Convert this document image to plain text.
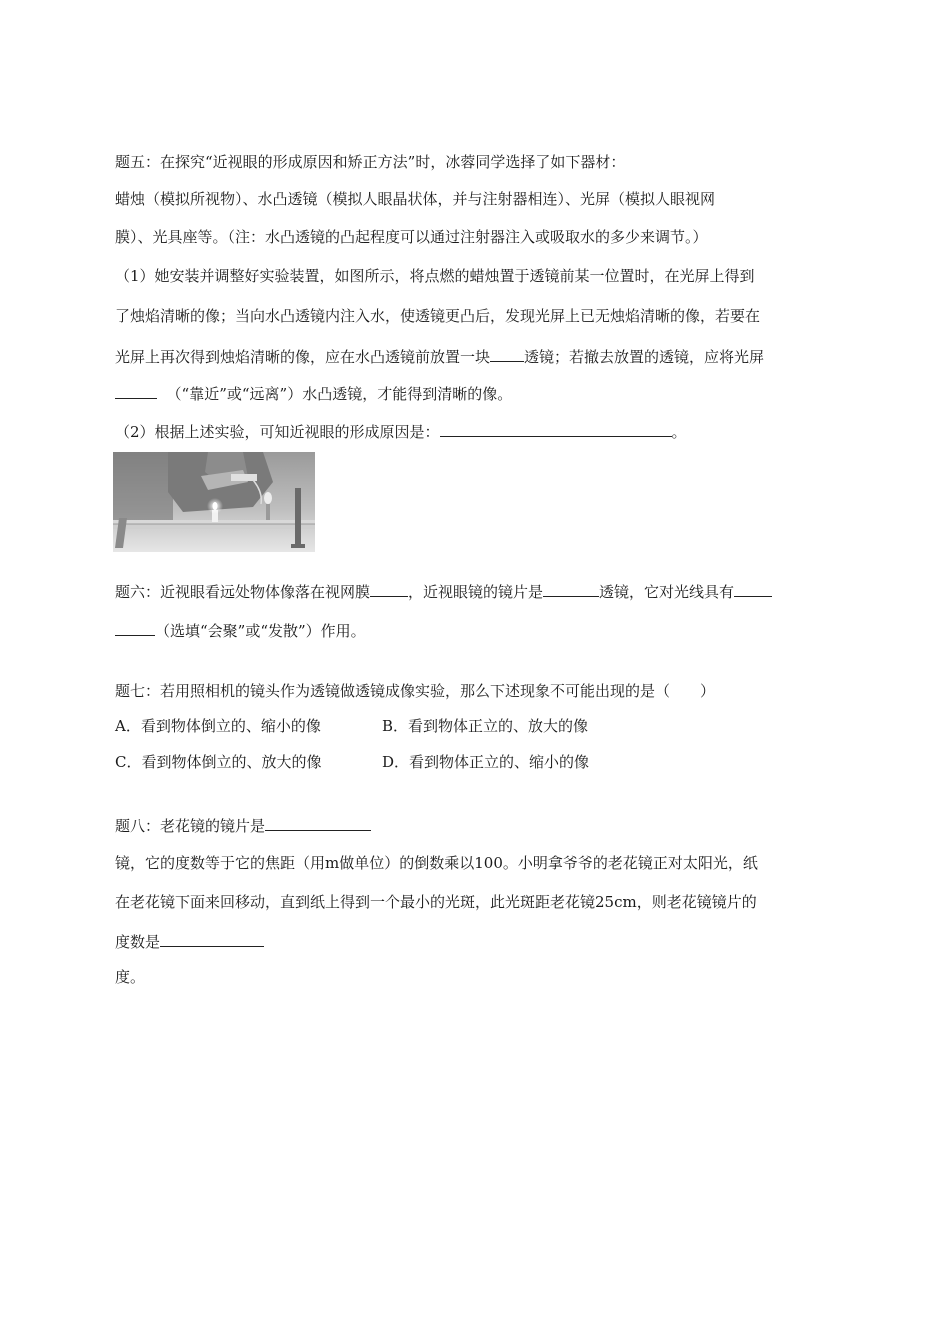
题五：在探究“近视眼的形成原因和矫正方法”时，冰蓉同学选择了如下器材：
蜡烛（模拟所视物）、水凸透镜（模拟人眼晶状体，并与注射器相连）、光屏（模拟人眼视网
膜）、光具座等。（注：水凸透镜的凸起程度可以通过注射器注入或吸取水的多少来调节。）
（1）她安装并调整好实验装置，如图所示，将点燃的蜡烛置于透镜前某一位置时，在光屏上得到
了烛焰清晰的像；当向水凸透镜内注入水，使透镜更凸后，发现光屏上已无烛焰清晰的像，若要在
光屏上再次得到烛焰清晰的像，应在水凸透镜前放置一块 透镜；若撤去放置的透镜，应将光屏
（“靠近”或“远离”）水凸透镜，才能得到清晰的像。
（2）根据上述实验，可知近视眼的形成原因是：	。
题六：近视眼看远处物体像落在视网膜	，近视眼镜的镜片是	透镜，它对光线具有
（选填“会聚”或“发散”）作用。
题七：若用照相机的镜头作为透镜做透镜成像实验，那么下述现象不可能出现的是（　　）
A．看到物体倒立的、缩小的像	B．看到物体正立的、放大的像
C．看到物体倒立的、放大的像	D．看到物体正立的、缩小的像
题八：老花镜的镜片是
镜，它的度数等于它的焦距（用m做单位）的倒数乘以100。小明拿爷爷的老花镜正对太阳光，纸
在老花镜下面来回移动，直到纸上得到一个最小的光斑，此光斑距老花镜25cm，则老花镜镜片的
度数是
度。
